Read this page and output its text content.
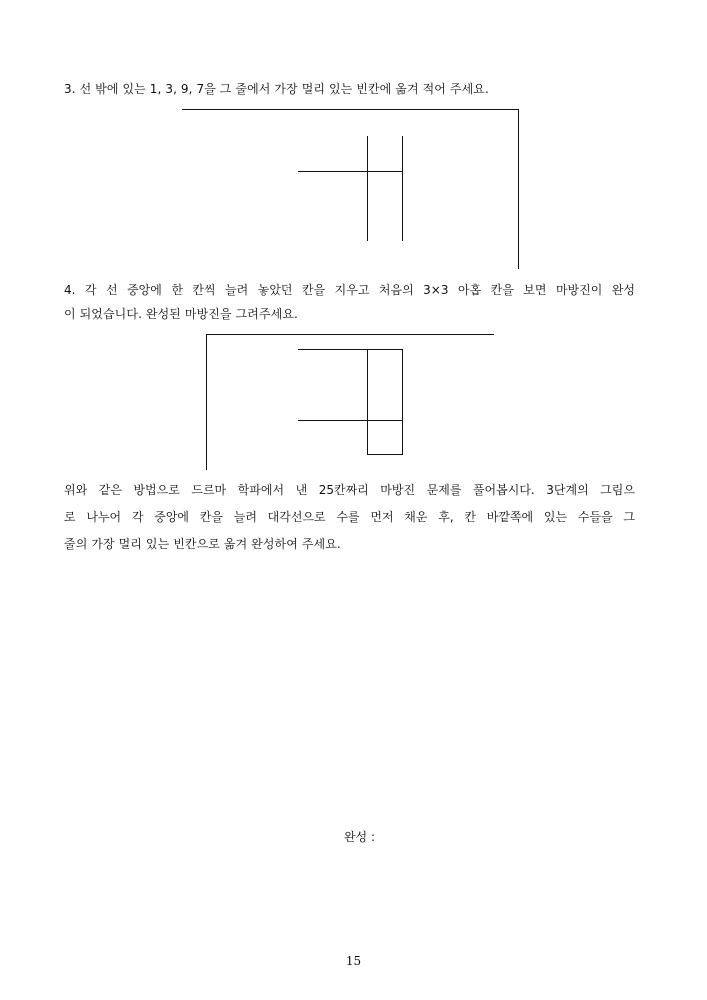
3. 선 밖에 있는 1, 3, 9, 7을 그 줄에서 가장 멀리 있는 빈칸에 옮겨 적어 주세요.
4. 각 선 중앙에 한 칸씩 늘려 놓았던 칸을 지우고 처음의 3×3 아홉 칸을 보면 마방진이 완성
이 되었습니다. 완성된 마방진을 그려주세요.
위와 같은 방법으로 드르마 학파에서 낸 25칸짜리 마방진 문제를 풀어봅시다. 3단계의 그림으
로 나누어 각 중앙에 칸을 늘려 대각선으로 수를 먼저 채운 후, 칸 바깥쪽에 있는 수들을 그
줄의 가장 멀리 있는 빈칸으로 옮겨 완성하여 주세요.
완성 :
15
